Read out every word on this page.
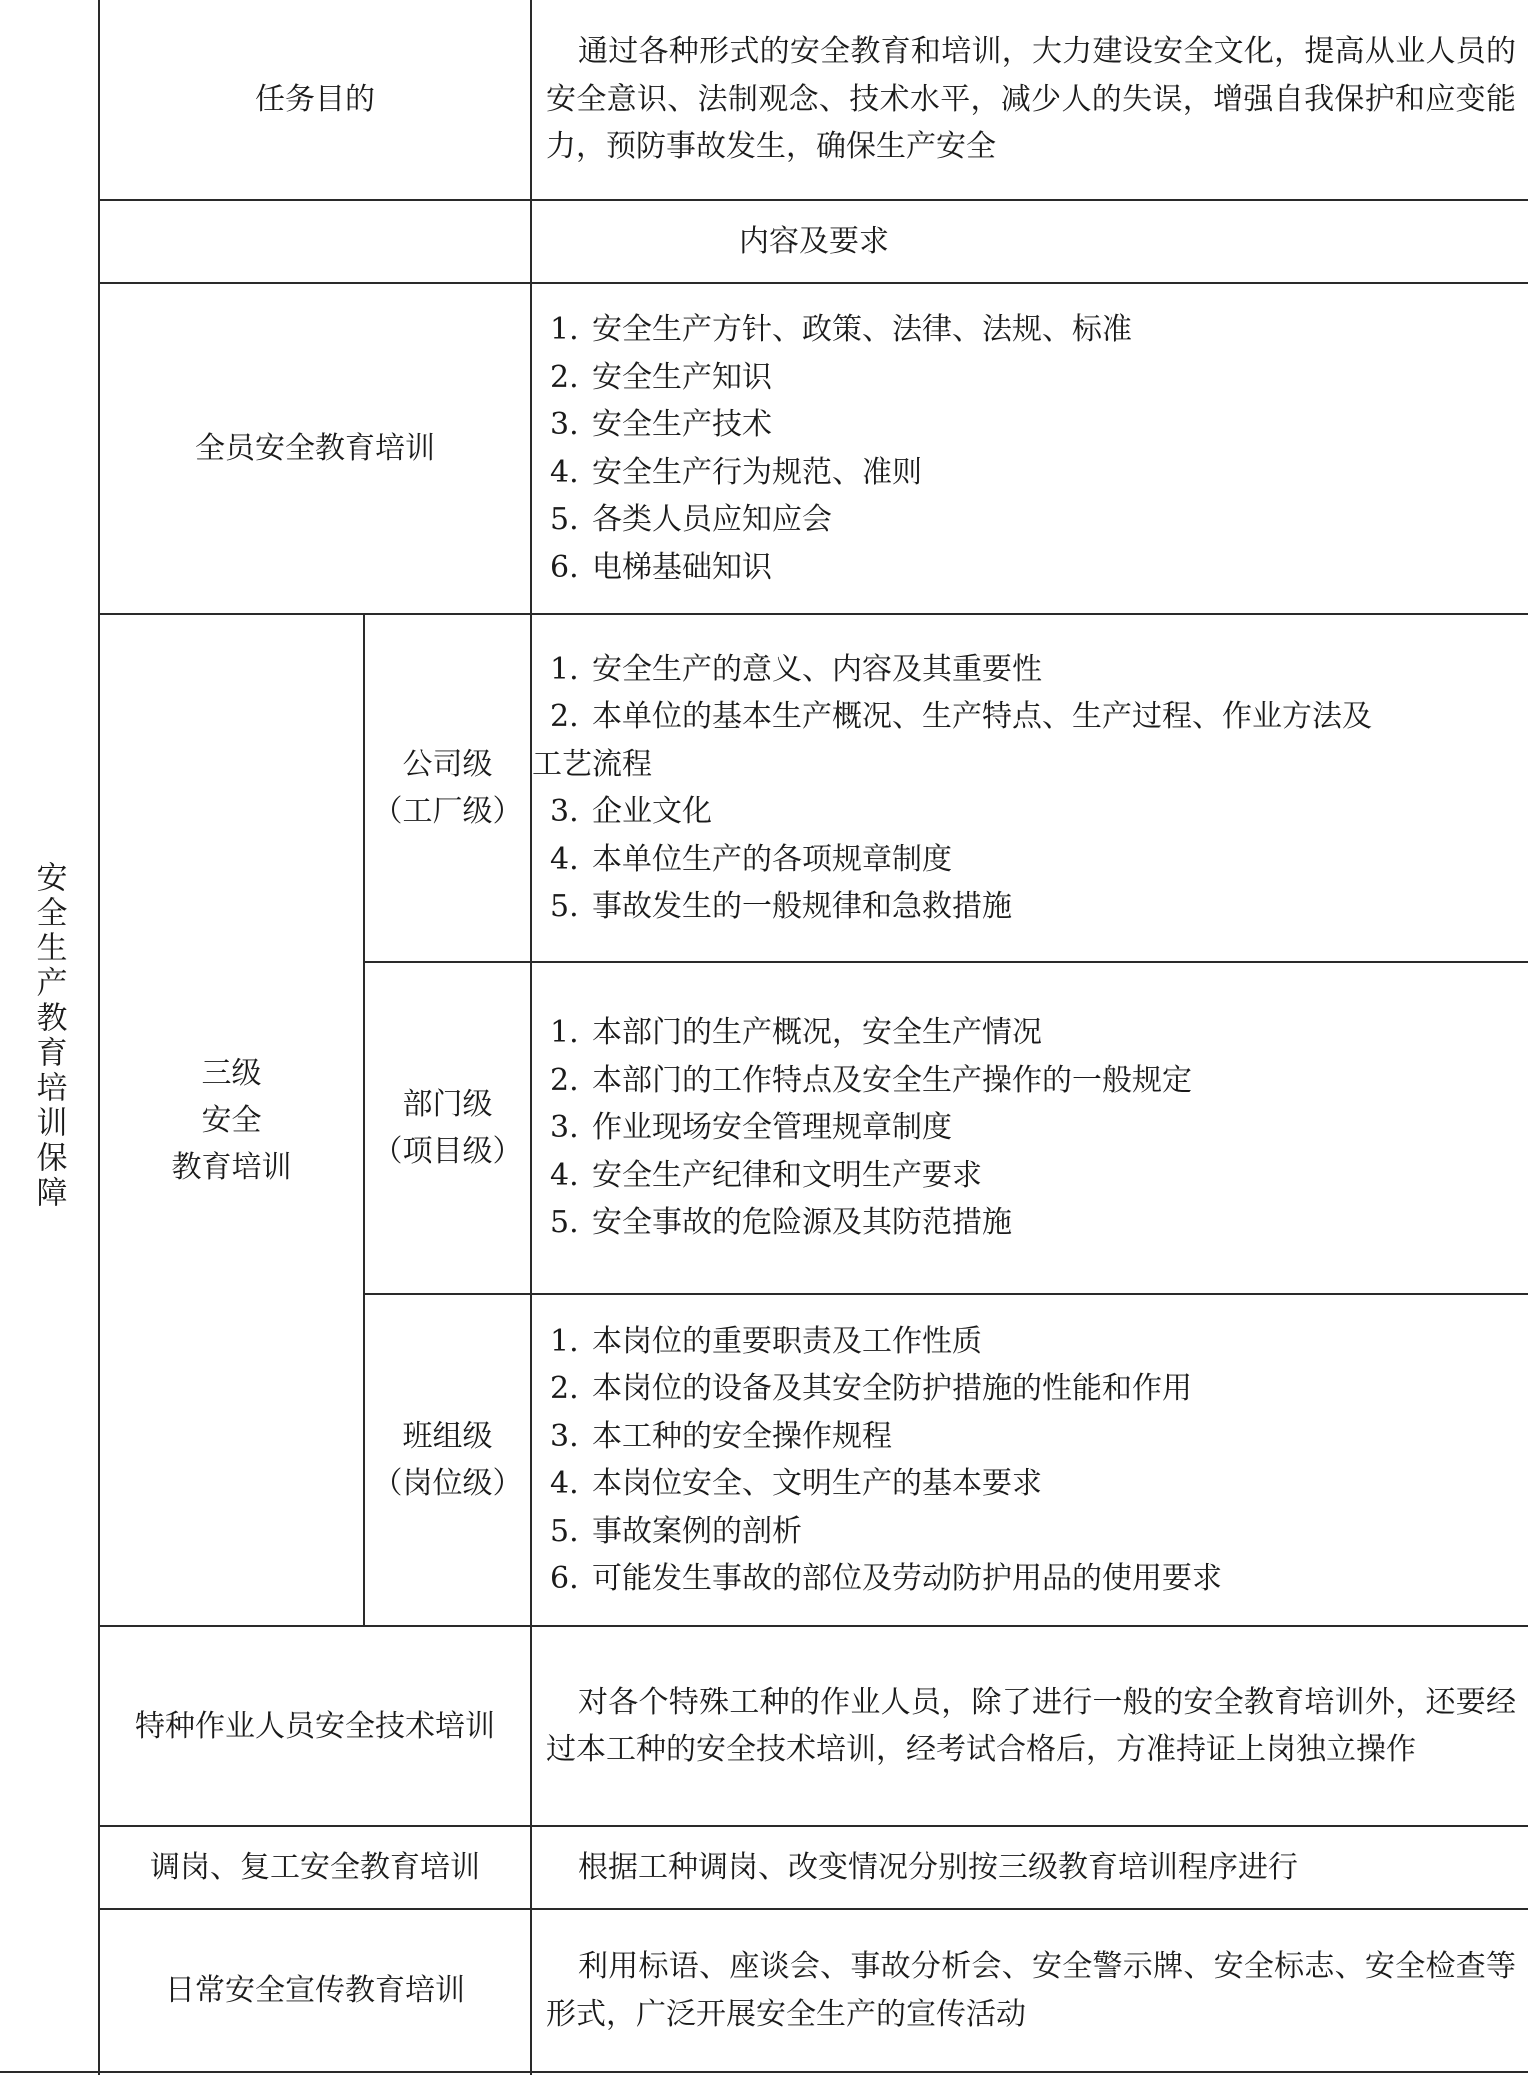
安全生产教育培训保障
任务目的
通过各种形式的安全教育和培训，大力建设安全文化，提高从业人员的安全意识、法制观念、技术水平，减少人的失误，增强自我保护和应变能力，预防事故发生，确保生产安全
内容及要求
全员安全教育培训
1. 安全生产方针、政策、法律、法规、标准
2. 安全生产知识
3. 安全生产技术
4. 安全生产行为规范、准则
5. 各类人员应知应会
6. 电梯基础知识
三级
安全
教育培训
公司级
（工厂级）
1. 安全生产的意义、内容及其重要性
2. 本单位的基本生产概况、生产特点、生产过程、作业方法及
工艺流程
3. 企业文化
4. 本单位生产的各项规章制度
5. 事故发生的一般规律和急救措施
部门级
（项目级）
1. 本部门的生产概况，安全生产情况
2. 本部门的工作特点及安全生产操作的一般规定
3. 作业现场安全管理规章制度
4. 安全生产纪律和文明生产要求
5. 安全事故的危险源及其防范措施
班组级
（岗位级）
1. 本岗位的重要职责及工作性质
2. 本岗位的设备及其安全防护措施的性能和作用
3. 本工种的安全操作规程
4. 本岗位安全、文明生产的基本要求
5. 事故案例的剖析
6. 可能发生事故的部位及劳动防护用品的使用要求
特种作业人员安全技术培训
对各个特殊工种的作业人员，除了进行一般的安全教育培训外，还要经过本工种的安全技术培训，经考试合格后，方准持证上岗独立操作
调岗、复工安全教育培训	根据工种调岗、改变情况分别按三级教育培训程序进行
日常安全宣传教育培训
利用标语、座谈会、事故分析会、安全警示牌、安全标志、安全检查等形式，广泛开展安全生产的宣传活动
